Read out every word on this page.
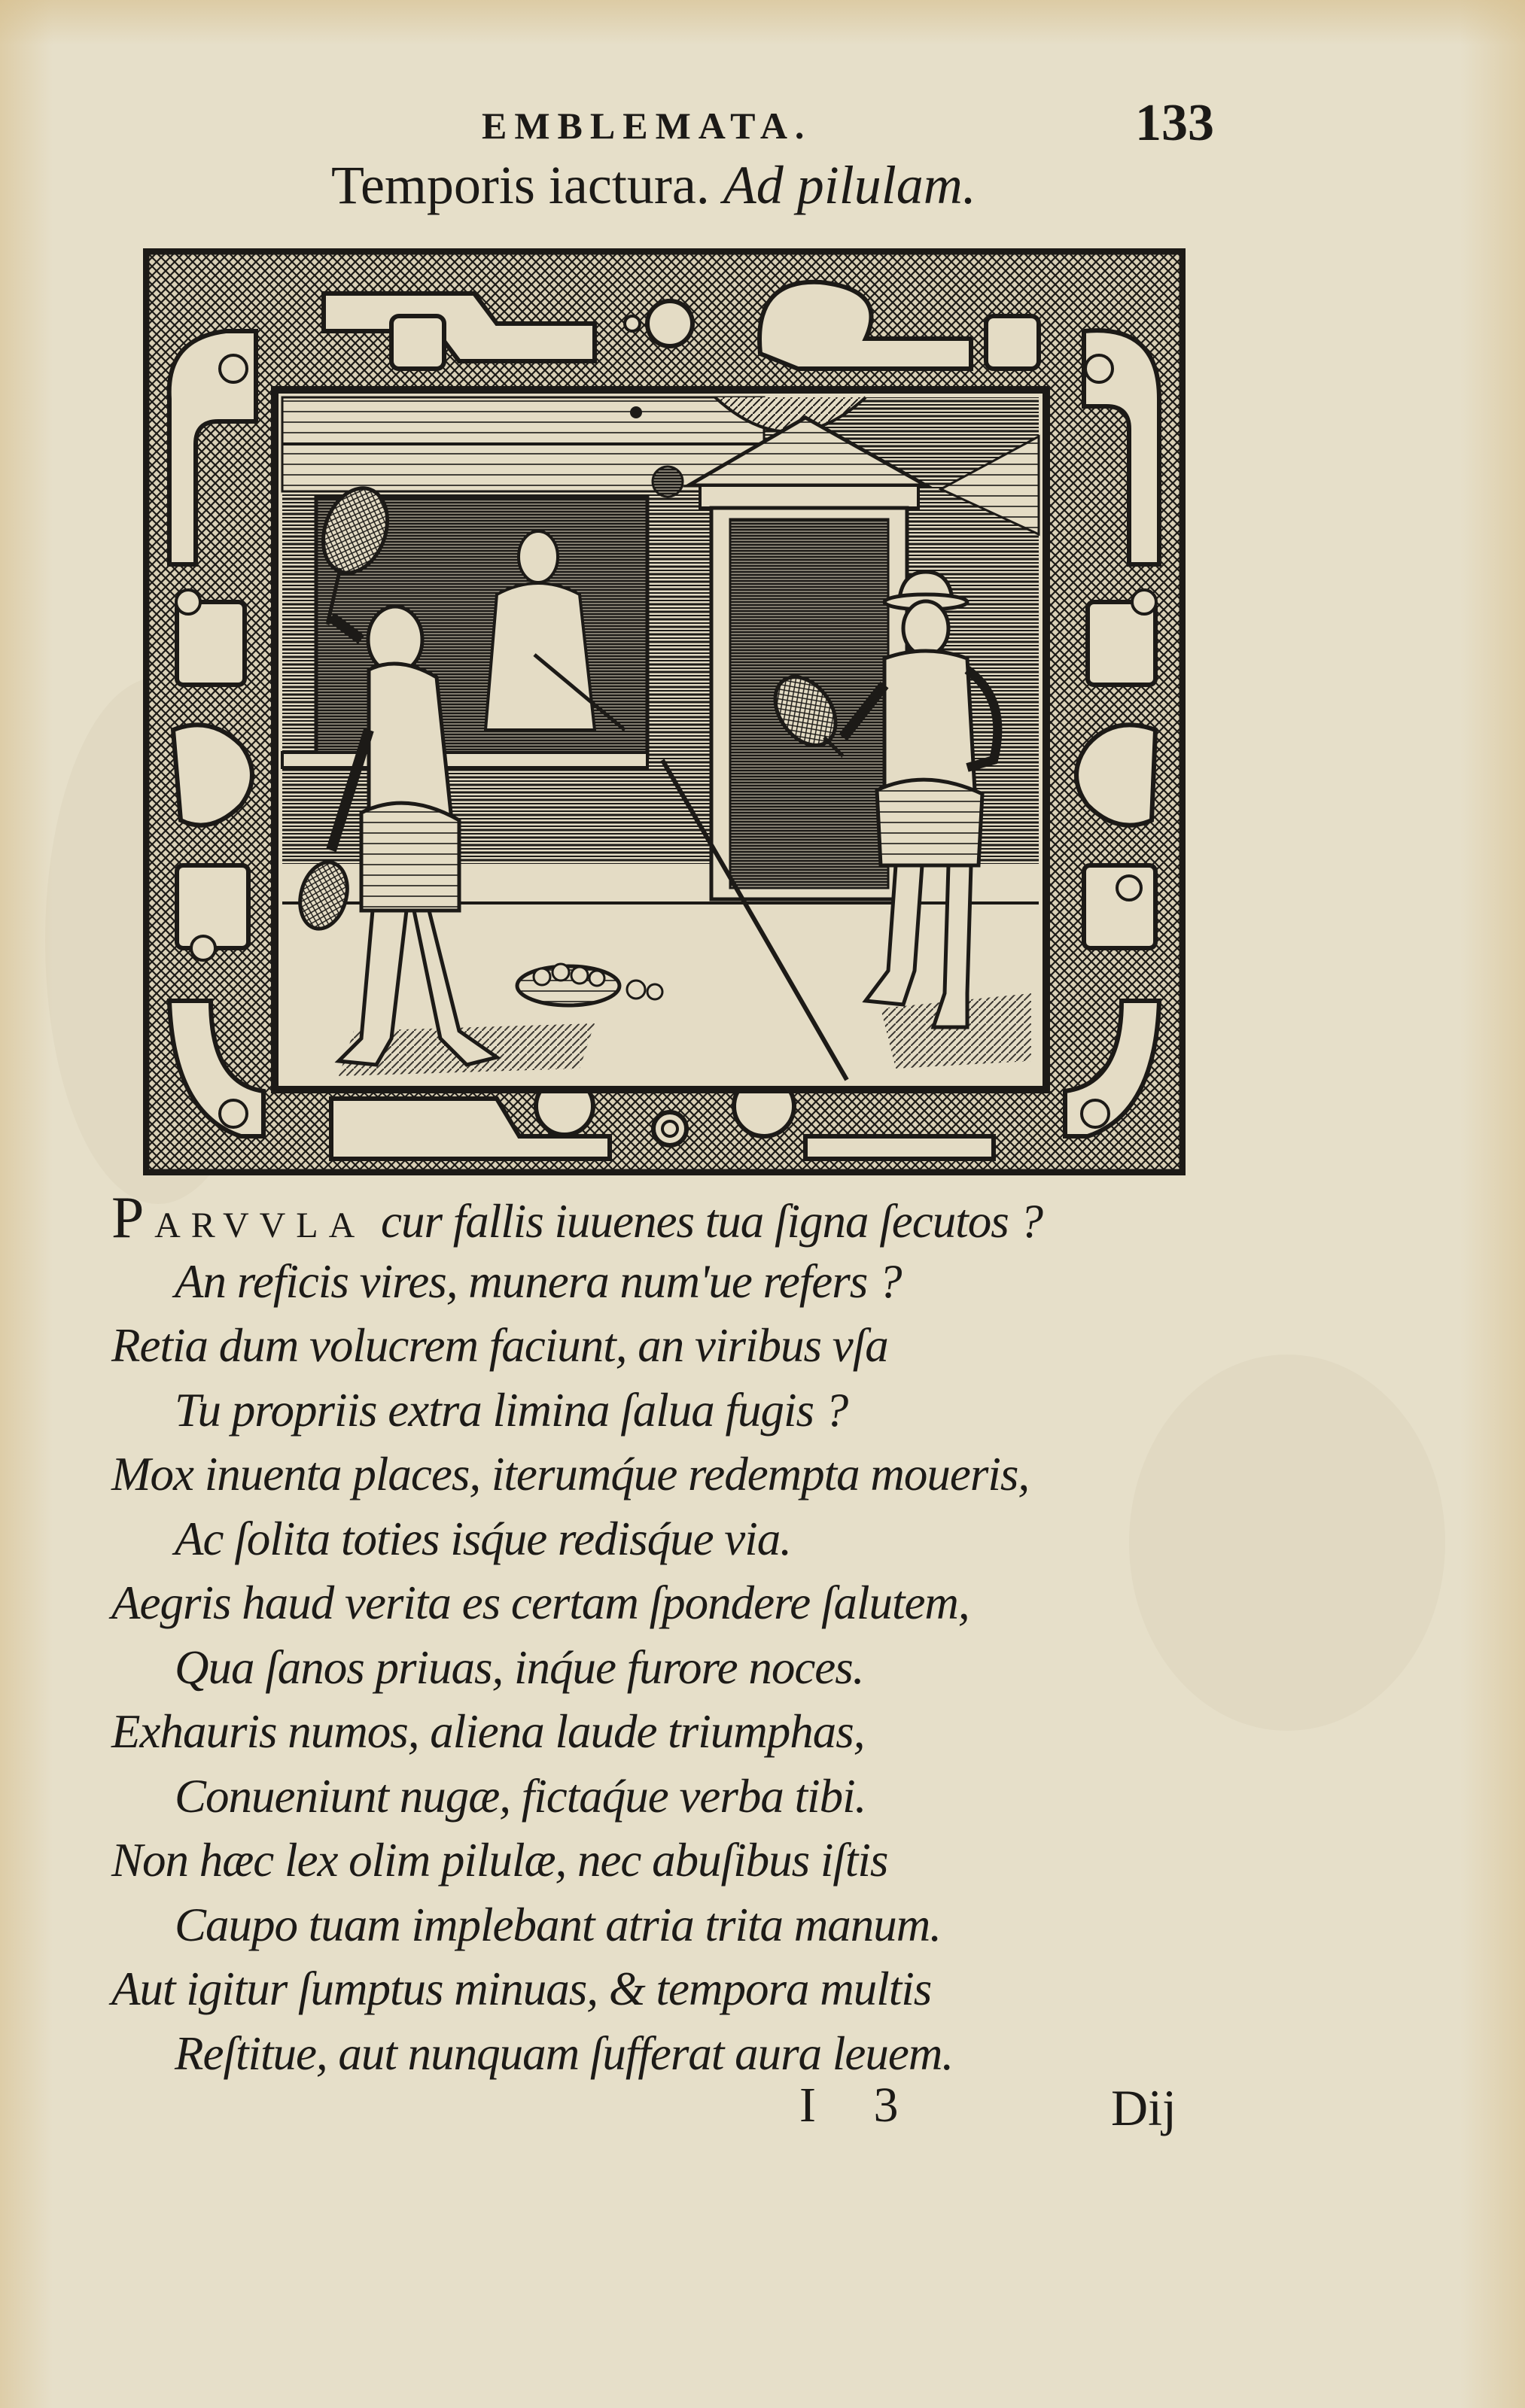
EMBLEMATA.	133
Temporis iactura. Ad pilulam.
P ARVVLA cur fallis iuuenes tua ſigna ſecutos ?
An reficis vires, munera num'ue refers ?
Retia dum volucrem faciunt, an viribus vſa
Tu propriis extra limina ſalua fugis ?
Mox inuenta places, iterumq́ue redempta moueris,
Ac ſolita toties isq́ue redisq́ue via.
Aegris haud verita es certam ſpondere ſalutem,
Qua ſanos priuas, inq́ue furore noces.
Exhauris numos, aliena laude triumphas,
Conueniunt nugæ, fictaq́ue verba tibi.
Non hæc lex olim pilulæ, nec abuſibus iſtis
Caupo tuam implebant atria trita manum.
Aut igitur ſumptus minuas, & tempora multis
Reſtitue, aut nunquam ſufferat aura leuem.
I 3	Dij
